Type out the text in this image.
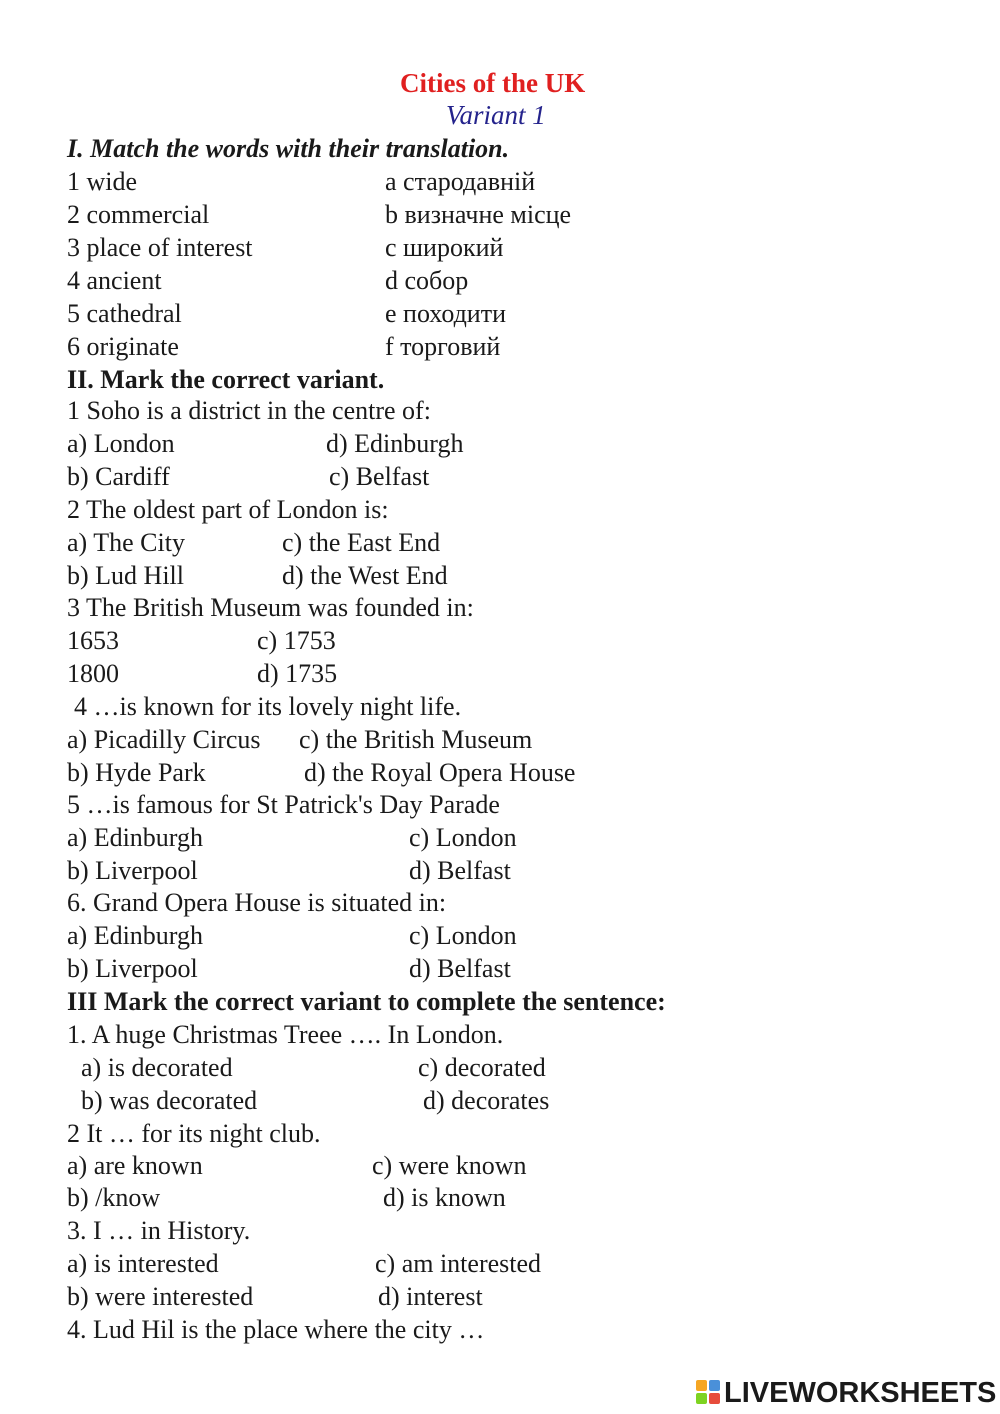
Cities of the UK
Variant 1
I. Match the words with their translation.
1 wide	a стародавній
2 commercial	b визначне місце
3 place of interest	c широкий
4 ancient	d собор
5 cathedral	e походити
6 originate	f торговий
II. Mark the correct variant.
1 Soho is a district in the centre of:
a) London	d) Edinburgh
b) Cardiff	c) Belfast
2 The oldest part of London is:
a) The City	c) the East End
b) Lud Hill	d) the West End
3 The British Museum was founded in:
1653	c) 1753
1800	d) 1735
4 …is known for its lovely night life.
a) Picadilly Circus c) the British Museum
b) Hyde Park	d) the Royal Opera House
5 …is famous for St Patrick's Day Parade
a) Edinburgh	c) London
b) Liverpool	d) Belfast
6. Grand Opera House is situated in:
a) Edinburgh	c) London
b) Liverpool	d) Belfast
III Mark the correct variant to complete the sentence:
1. A huge Christmas Treee …. In London.
a) is decorated	c) decorated
b) was decorated	d) decorates
2 It … for its night club.
a) are known	c) were known
b) /know	d) is known
3. I … in History.
a) is interested	c) am interested
b) were interested	d) interest
4. Lud Hil is the place where the city …
LIVEWORKSHEETS
